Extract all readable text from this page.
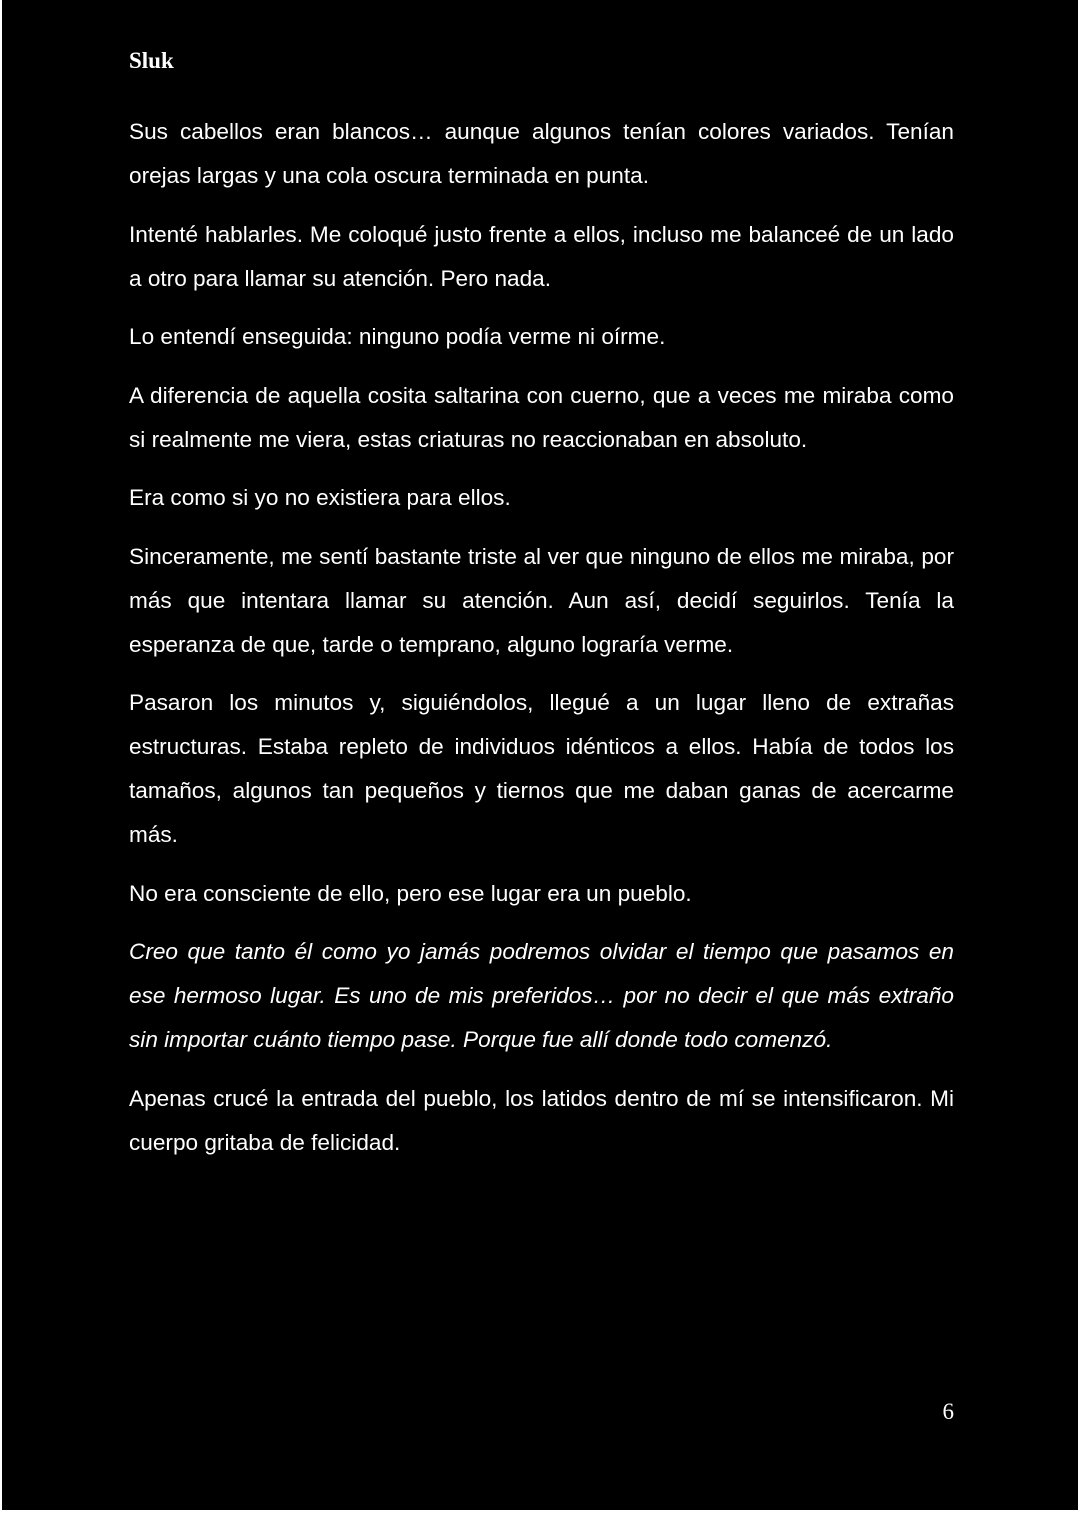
Sluk

Sus cabellos eran blancos… aunque algunos tenían colores variados. Tenían orejas largas y una cola oscura terminada en punta.

Intenté hablarles. Me coloqué justo frente a ellos, incluso me balanceé de un lado a otro para llamar su atención. Pero nada.

Lo entendí enseguida: ninguno podía verme ni oírme.

A diferencia de aquella cosita saltarina con cuerno, que a veces me miraba como si realmente me viera, estas criaturas no reaccionaban en absoluto.

Era como si yo no existiera para ellos.

Sinceramente, me sentí bastante triste al ver que ninguno de ellos me miraba, por más que intentara llamar su atención. Aun así, decidí seguirlos. Tenía la esperanza de que, tarde o temprano, alguno lograría verme.

Pasaron los minutos y, siguiéndolos, llegué a un lugar lleno de extrañas estructuras. Estaba repleto de individuos idénticos a ellos. Había de todos los tamaños, algunos tan pequeños y tiernos que me daban ganas de acercarme más.

No era consciente de ello, pero ese lugar era un pueblo.

Creo que tanto él como yo jamás podremos olvidar el tiempo que pasamos en ese hermoso lugar. Es uno de mis preferidos… por no decir el que más extraño sin importar cuánto tiempo pase. Porque fue allí donde todo comenzó.

Apenas crucé la entrada del pueblo, los latidos dentro de mí se intensificaron. Mi cuerpo gritaba de felicidad.

6
